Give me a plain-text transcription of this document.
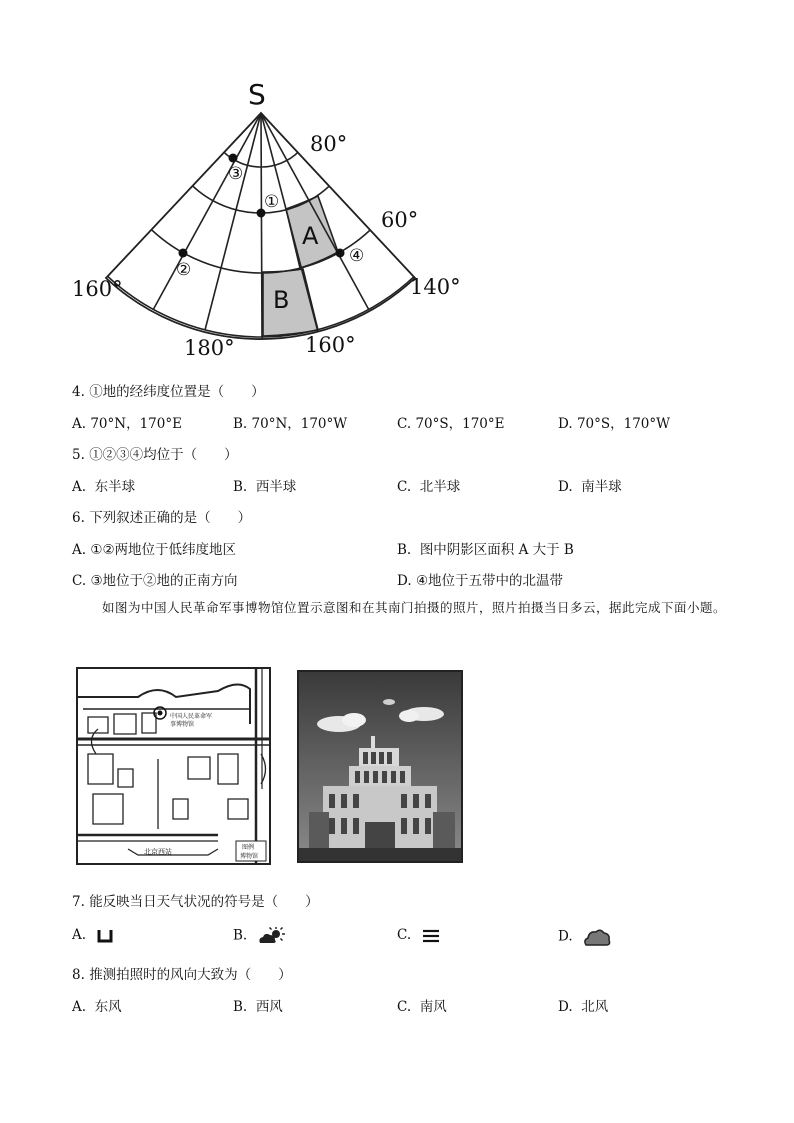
S
80°
60°
160°	140°
180°	160°
①
②
③
④
A
B
4. ①地的经纬度位置是（　　）
A. 70°N，170°E	B. 70°N，170°W	C. 70°S，170°E	D. 70°S，170°W
5. ①②③④均位于（　　）
A. 东半球	B. 西半球	C. 北半球	D. 南半球
6. 下列叙述正确的是（　　）
A. ①②两地位于低纬度地区	B. 图中阴影区面积 A 大于 B
C. ③地位于②地的正南方向	D. ④地位于五带中的北温带
如图为中国人民革命军事博物馆位置示意图和在其南门拍摄的照片，照片拍摄当日多云，据此完成下面小题。
中国人民革命军事博物馆
北京西站
图例
博物馆
7. 能反映当日天气状况的符号是（　　）
A.	B.	C.	D.
8. 推测拍照时的风向大致为（　　）
A. 东风	B. 西风	C. 南风	D. 北风
